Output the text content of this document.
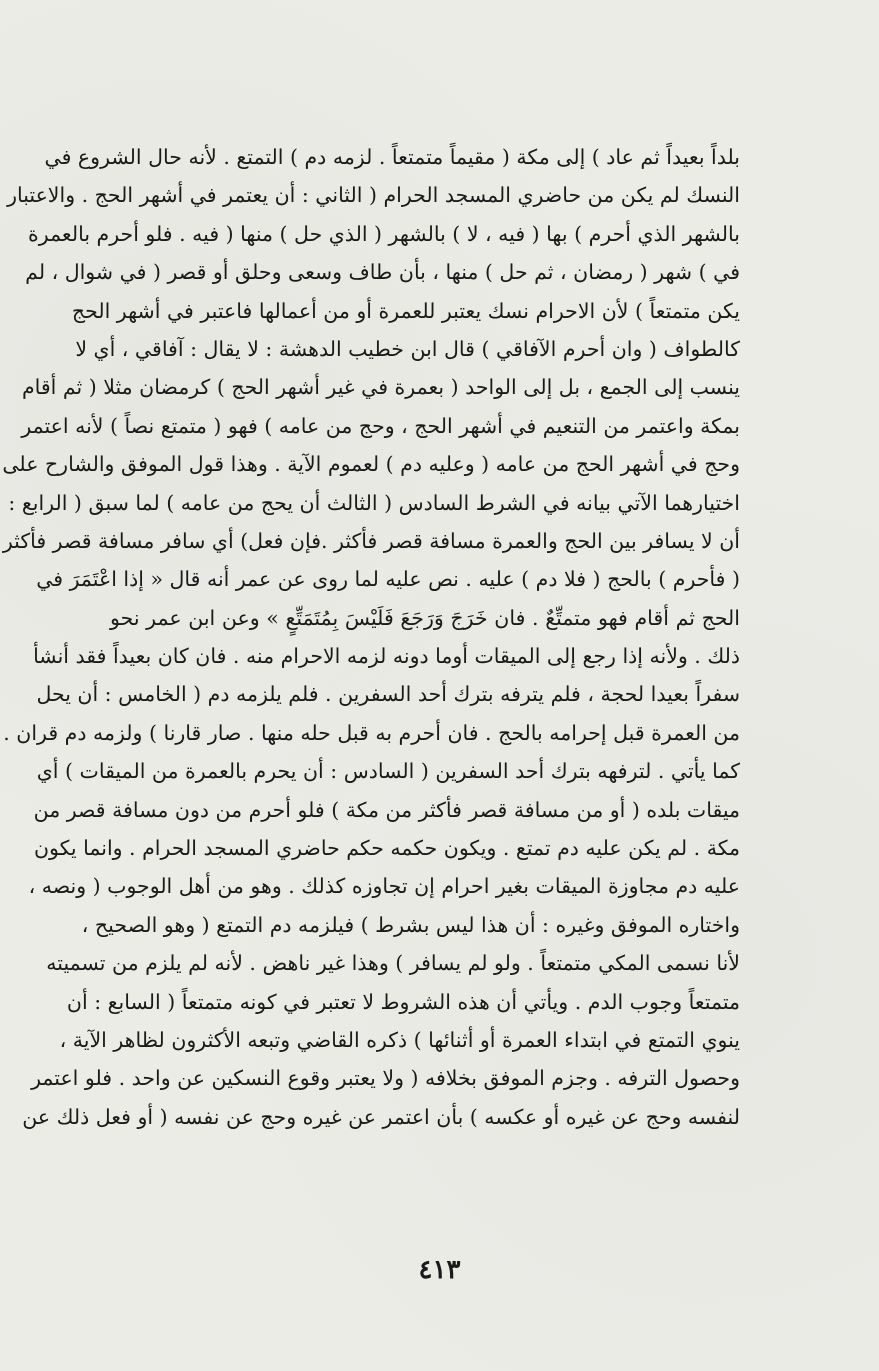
بلداً بعيداً ثم عاد ) إلى مكة ( مقيماً متمتعاً . لزمه دم ) التمتع . لأنه حال الشروع في
النسك لم يكن من حاضري المسجد الحرام ( الثاني : أن يعتمر في أشهر الحج . والاعتبار
بالشهر الذي أحرم ) بها ( فيه ، لا ) بالشهر ( الذي حل ) منها ( فيه . فلو أحرم بالعمرة
في ) شهر ( رمضان ، ثم حل ) منها ، بأن طاف وسعى وحلق أو قصر ( في شوال ، لم
يكن متمتعاً ) لأن الاحرام نسك يعتبر للعمرة أو من أعمالها فاعتبر في أشهر الحج
كالطواف ( وان أحرم الآفاقي ) قال ابن خطيب الدهشة : لا يقال : آفاقي ، أي لا
ينسب إلى الجمع ، بل إلى الواحد ( بعمرة في غير أشهر الحج ) كرمضان مثلا ( ثم أقام
بمكة واعتمر من التنعيم في أشهر الحج ، وحج من عامه ) فهو ( متمتع نصاً ) لأنه اعتمر
وحج في أشهر الحج من عامه ( وعليه دم ) لعموم الآية . وهذا قول الموفق والشارح على
اختيارهما الآتي بيانه في الشرط السادس ( الثالث أن يحج من عامه ) لما سبق ( الرابع :
أن لا يسافر بين الحج والعمرة مسافة قصر فأكثر .فإن فعل) أي سافر مسافة قصر فأكثر
( فأحرم ) بالحج ( فلا دم ) عليه . نص عليه لما روى عن عمر أنه قال « إذا اعْتَمَرَ في
الحج ثم أقام فهو متمتِّعٌ . فان خَرَجَ وَرَجَعَ فَلَيْسَ بِمُتَمَتِّعٍ » وعن ابن عمر نحو
ذلك . ولأنه إذا رجع إلى الميقات أوما دونه لزمه الاحرام منه . فان كان بعيداً فقد أنشأ
سفراً بعيدا لحجة ، فلم يترفه بترك أحد السفرين . فلم يلزمه دم ( الخامس : أن يحل
من العمرة قبل إحرامه بالحج . فان أحرم به قبل حله منها . صار قارنا ) ولزمه دم قران .
كما يأتي . لترفهه بترك أحد السفرين ( السادس : أن يحرم بالعمرة من الميقات ) أي
ميقات بلده ( أو من مسافة قصر فأكثر من مكة ) فلو أحرم من دون مسافة قصر من
مكة . لم يكن عليه دم تمتع . ويكون حكمه حكم حاضري المسجد الحرام . وانما يكون
عليه دم مجاوزة الميقات بغير احرام إن تجاوزه كذلك . وهو من أهل الوجوب ( ونصه ،
واختاره الموفق وغيره : أن هذا ليس بشرط ) فيلزمه دم التمتع ( وهو الصحيح ،
لأنا نسمى المكي متمتعاً . ولو لم يسافر ) وهذا غير ناهض . لأنه لم يلزم من تسميته
متمتعاً وجوب الدم . ويأتي أن هذه الشروط لا تعتبر في كونه متمتعاً ( السابع : أن
ينوي التمتع في ابتداء العمرة أو أثنائها ) ذكره القاضي وتبعه الأكثرون لظاهر الآية ،
وحصول الترفه . وجزم الموفق بخلافه ( ولا يعتبر وقوع النسكين عن واحد . فلو اعتمر
لنفسه وحج عن غيره أو عكسه ) بأن اعتمر عن غيره وحج عن نفسه ( أو فعل ذلك عن
٤١٣
